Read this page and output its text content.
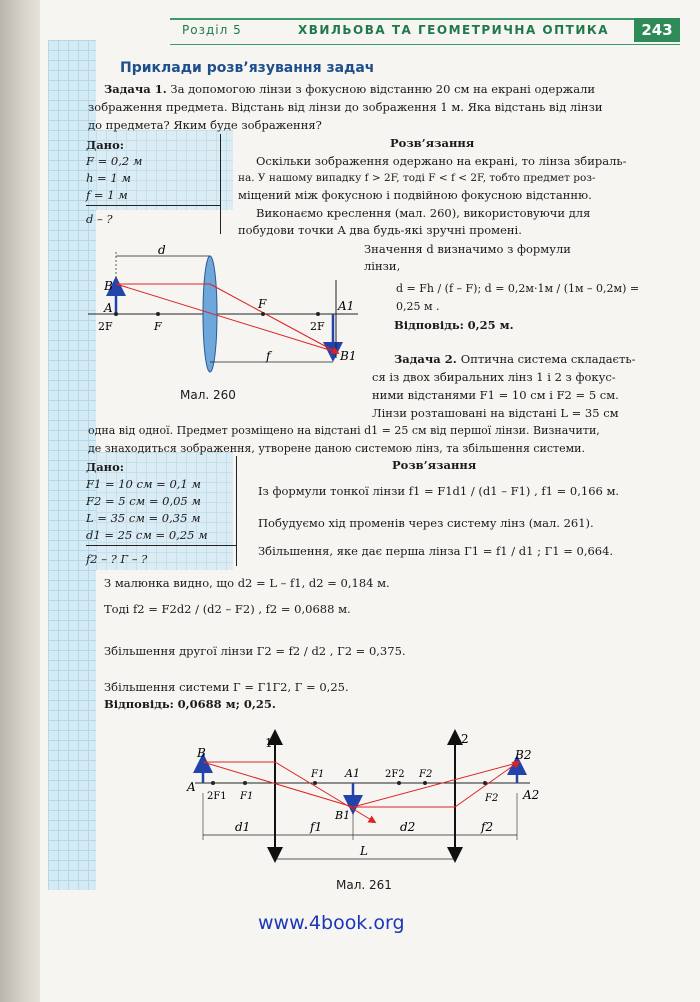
Розділ 5	ХВИЛЬОВА ТА ГЕОМЕТРИЧНА ОПТИКА	243
Приклади розв’язування задач
Задача 1. За допомогою лінзи з фокусною відстанню 20 см на екрані одержали
зображення предмета. Відстань від лінзи до зображення 1 м. Яка відстань від лінзи
до предмета? Яким буде зображення?
Дано:
F = 0,2 м
h = 1 м
f = 1 м
d – ?
Розв’язання
Оскільки зображення одержано на екрані, то лінза збираль-
на. У нашому випадку f > 2F, тоді F < f < 2F, тобто предмет роз-
міщений між фокусною і подвійною фокусною відстанню.
Виконаємо креслення (мал. 260), використовуючи для
побудови точки A два будь-які зручні промені.
Значення d визначимо з формули
лінзи,
d = Fh / (f – F); d = 0,2м·1м / (1м – 0,2м) = 0,25 м .
Відповідь: 0,25 м.
B
A
d
F	A1
2F	F	2F
B1
f
Мал. 260
Задача 2. Оптична система складаєть-
ся із двох збиральних лінз 1 і 2 з фокус-
ними відстанями F1 = 10 см і F2 = 5 см.
Лінзи розташовані на відстані L = 35 см
одна від одної. Предмет розміщено на відстані d1 = 25 см від першої лінзи. Визначити,
де знаходиться зображення, утворене даною системою лінз, та збільшення системи.
Дано:
F1 = 10 см = 0,1 м
F2 = 5 см = 0,05 м
L = 35 см = 0,35 м
d1 = 25 см = 0,25 м
f2 – ? Г – ?
Розв’язання
Із формули тонкої лінзи f1 = F1d1 / (d1 – F1) , f1 = 0,166 м.
Побудуємо хід променів через систему лінз (мал. 261).
Збільшення, яке дає перша лінза Г1 = f1 / d1 ; Г1 = 0,664.
З малюнка видно, що d2 = L – f1, d2 = 0,184 м.
Тоді f2 = F2d2 / (d2 – F2) , f2 = 0,0688 м.
Збільшення другої лінзи Г2 = f2 / d2 , Г2 = 0,375.
Збільшення системи Г = Г1Г2, Г = 0,25.
Відповідь: 0,0688 м; 0,25.
B
A
2F1 F1
1
F1 A1
B1
2F2 F2
2
B2
F2 A2
d1	f1	d2	f2
L
Мал. 261
www.4book.org
